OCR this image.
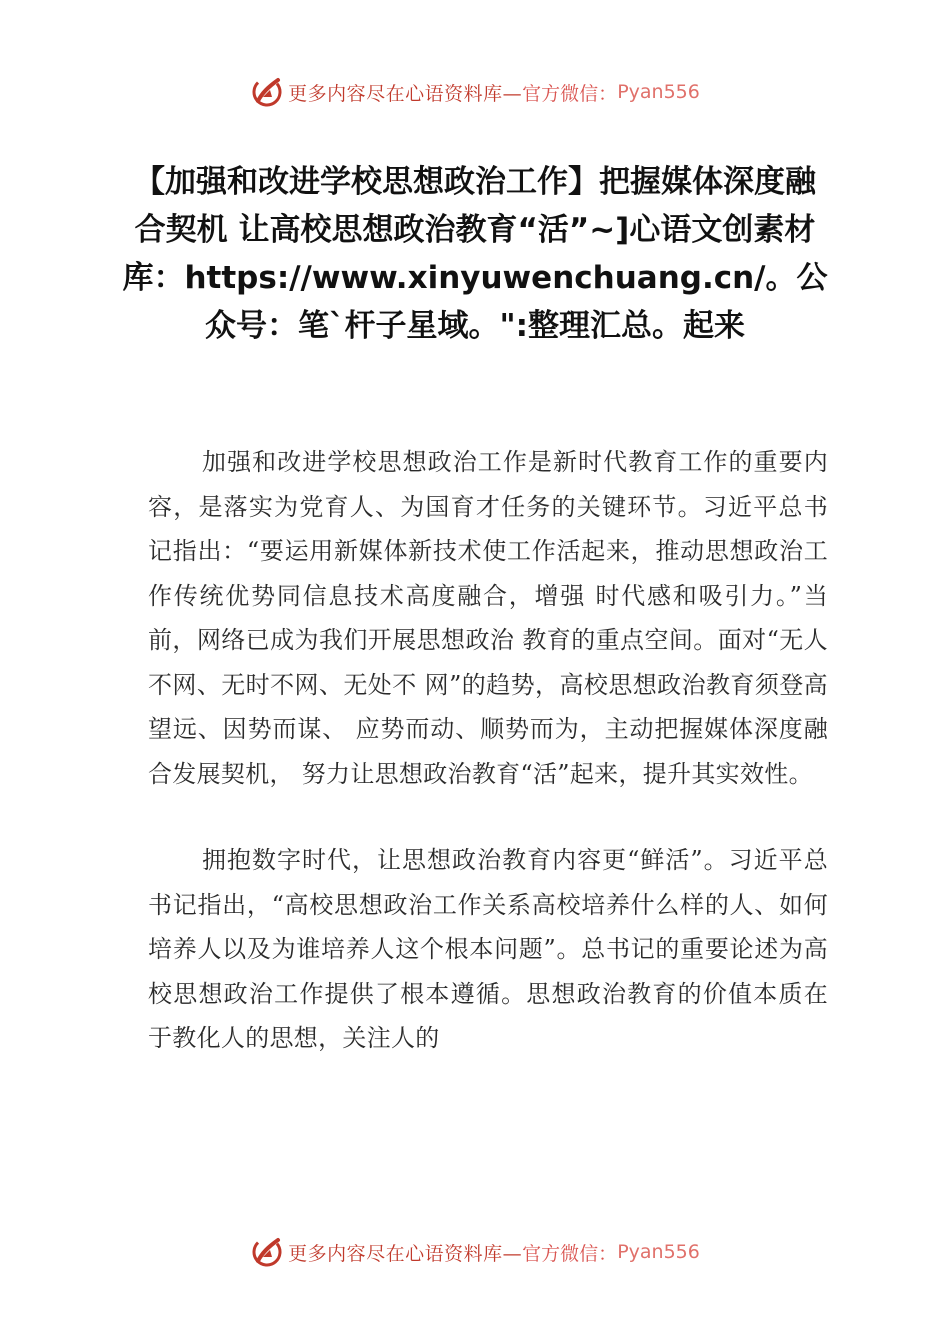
更多内容尽在心语资料库— 官方微信： Pyan556
【加强和改进学校思想政治工作】把握媒体深度融合契机 让高校思想政治教育“活”~]心语文创素材库：https://www.xinyuwenchuang.cn/。公众号：笔`杆子星域。":整理汇总。起来

加强和改进学校思想政治工作是新时代教育工作的重要内容，是落实为党育人、为国育才任务的关键环节。习近平总书记指出：“要运用新媒体新技术使工作活起来，推动思想政治工作传统优势同信息技术高度融合，增强 时代感和吸引力。”当前，网络已成为我们开展思想政治 教育的重点空间。面对“无人不网、无时不网、无处不 网”的趋势，高校思想政治教育须登高望远、因势而谋、 应势而动、顺势而为，主动把握媒体深度融合发展契机， 努力让思想政治教育“活”起来，提升其实效性。

拥抱数字时代，让思想政治教育内容更“鲜活”。习近平总书记指出，“高校思想政治工作关系高校培养什么样的人、如何培养人以及为谁培养人这个根本问题”。总书记的重要论述为高校思想政治工作提供了根本遵循。思想政治教育的价值本质在于教化人的思想，关注人的

更多内容尽在心语资料库— 官方微信： Pyan556
